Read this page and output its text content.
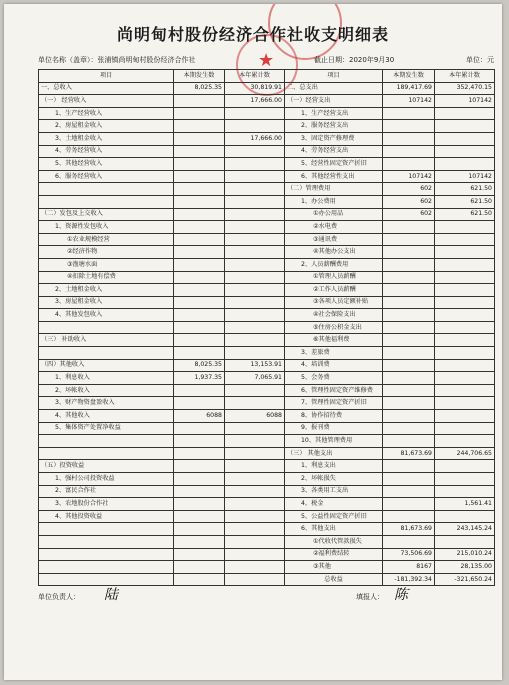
★
尚明甸村股份经济合作社收支明细表
单位名称（盖章）：张浦镇尚明甸村股份经济合作社	截止日期：2020年9月30	单位：元
项目	本期发生数	本年累计数	项目	本期发生数	本年累计数
一、总收入	8,025.35	30,819.91	二、总支出	189,417.69	352,470.15
（一） 经营收入		17,666.00	（一）经营支出	107142	107142
1、生产经营收入			1、生产经营支出		
2、房屋租金收入			2、服务经营支出		
3、土地租金收入		17,666.00	3、固定资产修理费		
4、劳务经营收入			4、劳务经营支出		
5、其他经营收入			5、经营性固定资产折旧		
6、服务经营收入			6、其他经营性支出	107142	107142
			（二）管理费用	602	621.50
			1、办公费用	602	621.50
（二）发包及上交收入			①办公用品	602	621.50
1、资源性发包收入			②水电费		
①农业规模经营			③通讯费		
②经济作物			④其他办公支出		
③渔塘水面			2、人员薪酬费用		
④扣除土地有偿费			①管理人员薪酬		
2、土地租金收入			②工作人员薪酬		
3、房屋租金收入			③各项人员定额补贴		
4、其他发包收入			④社会保险支出		
			⑤住房公积金支出		
（三） 补助收入			⑥其他福利费		
			3、差旅费		
（四）其他收入	8,025.35	13,153.91	4、培训费		
1、利息收入	1,937.35	7,065.91	5、会务费		
2、坏帐收入			6、管理性固定资产维修费		
3、财产物资盘盈收入			7、管理性固定资产折旧		
4、其他收入	6088	6088	8、协作招待费		
5、集体资产处置净收益			9、报刊费		
			10、其他管理费用		
			（三） 其他支出	81,673.69	244,706.65
（五）投资收益			1、利息支出		
1、强村公司投资收益			2、坏帐损失		
2、富民合作社			3、各类用工支出		
3、农地股份合作社			4、税金		1,561.41
4、其他投资收益			5、公益性固定资产折旧		
			6、其他支出	81,673.69	243,145.24
			①代收代管款损失		
			②福利费结转	73,506.69	215,010.24
			③其他	8167	28,135.00
			总收益	-181,392.34	-321,650.24
单位负责人： 陆	填报人： 陈
